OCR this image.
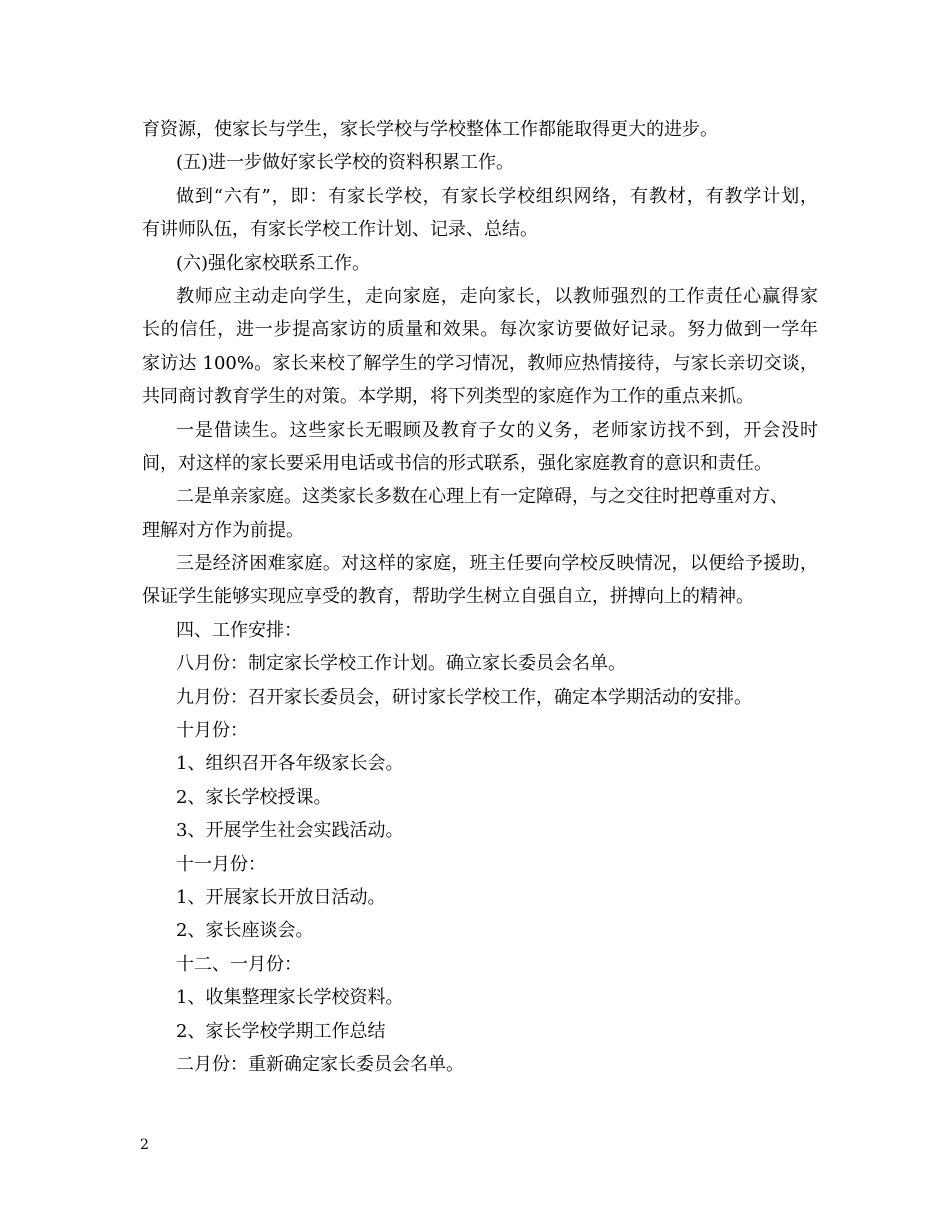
育资源，使家长与学生，家长学校与学校整体工作都能取得更大的进步。

(五)进一步做好家长学校的资料积累工作。

做到“六有”，即：有家长学校，有家长学校组织网络，有教材，有教学计划，

有讲师队伍，有家长学校工作计划、记录、总结。

(六)强化家校联系工作。

教师应主动走向学生，走向家庭，走向家长，以教师强烈的工作责任心赢得家

长的信任，进一步提高家访的质量和效果。每次家访要做好记录。努力做到一学年

家访达 100%。家长来校了解学生的学习情况，教师应热情接待，与家长亲切交谈，

共同商讨教育学生的对策。本学期，将下列类型的家庭作为工作的重点来抓。

一是借读生。这些家长无暇顾及教育子女的义务，老师家访找不到，开会没时

间，对这样的家长要采用电话或书信的形式联系，强化家庭教育的意识和责任。

二是单亲家庭。这类家长多数在心理上有一定障碍，与之交往时把尊重对方、

理解对方作为前提。

三是经济困难家庭。对这样的家庭，班主任要向学校反映情况，以便给予援助，

保证学生能够实现应享受的教育，帮助学生树立自强自立，拼搏向上的精神。

四、工作安排：

八月份：制定家长学校工作计划。确立家长委员会名单。

九月份：召开家长委员会，研讨家长学校工作，确定本学期活动的安排。

十月份：

1、组织召开各年级家长会。

2、家长学校授课。

3、开展学生社会实践活动。

十一月份：

1、开展家长开放日活动。

2、家长座谈会。

十二、一月份：

1、收集整理家长学校资料。

2、家长学校学期工作总结

二月份：重新确定家长委员会名单。

2
